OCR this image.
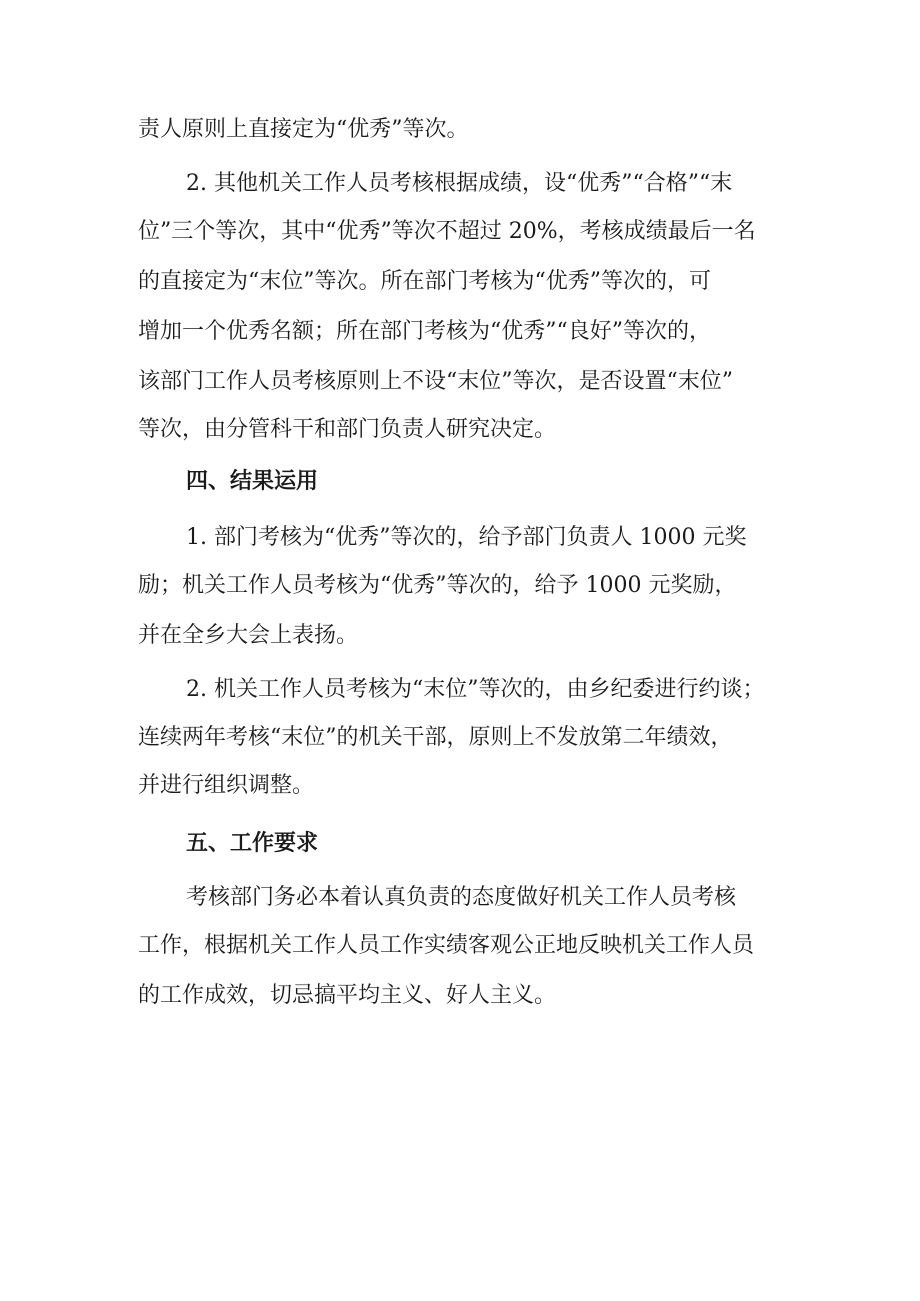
责人原则上直接定为“优秀”等次。
2. 其他机关工作人员考核根据成绩，设“优秀”“合格”“末
位”三个等次，其中“优秀”等次不超过 20%，考核成绩最后一名
的直接定为“末位”等次。所在部门考核为“优秀”等次的，可
增加一个优秀名额；所在部门考核为“优秀”“良好”等次的，
该部门工作人员考核原则上不设“末位”等次，是否设置“末位”
等次，由分管科干和部门负责人研究决定。
四、结果运用
1. 部门考核为“优秀”等次的，给予部门负责人 1000 元奖
励；机关工作人员考核为“优秀”等次的，给予 1000 元奖励，
并在全乡大会上表扬。
2. 机关工作人员考核为“末位”等次的，由乡纪委进行约谈；
连续两年考核“末位”的机关干部，原则上不发放第二年绩效，
并进行组织调整。
五、工作要求
考核部门务必本着认真负责的态度做好机关工作人员考核
工作，根据机关工作人员工作实绩客观公正地反映机关工作人员
的工作成效，切忌搞平均主义、好人主义。
